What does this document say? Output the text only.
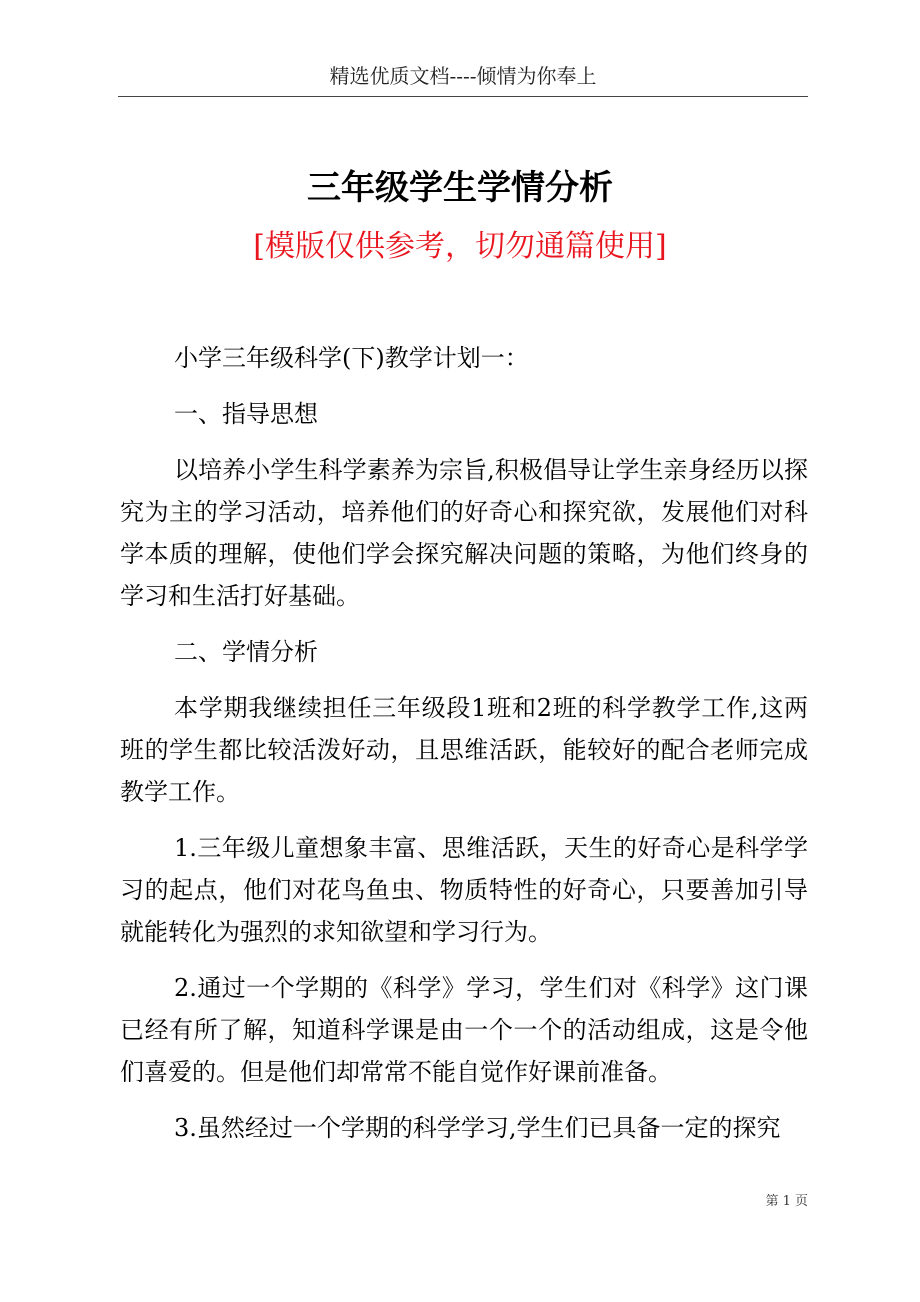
精选优质文档----倾情为你奉上
三年级学生学情分析
[模版仅供参考，切勿通篇使用]

小学三年级科学(下)教学计划一：

一、指导思想

以培养小学生科学素养为宗旨,积极倡导让学生亲身经历以探究为主的学习活动，培养他们的好奇心和探究欲，发展他们对科学本质的理解，使他们学会探究解决问题的策略，为他们终身的学习和生活打好基础。

二、学情分析

本学期我继续担任三年级段1班和2班的科学教学工作,这两班的学生都比较活泼好动，且思维活跃，能较好的配合老师完成教学工作。

1.三年级儿童想象丰富、思维活跃，天生的好奇心是科学学习的起点，他们对花鸟鱼虫、物质特性的好奇心，只要善加引导就能转化为强烈的求知欲望和学习行为。

2.通过一个学期的《科学》学习，学生们对《科学》这门课已经有所了解，知道科学课是由一个一个的活动组成，这是令他们喜爱的。但是他们却常常不能自觉作好课前准备。

3.虽然经过一个学期的科学学习,学生们已具备一定的探究

第 1 页
